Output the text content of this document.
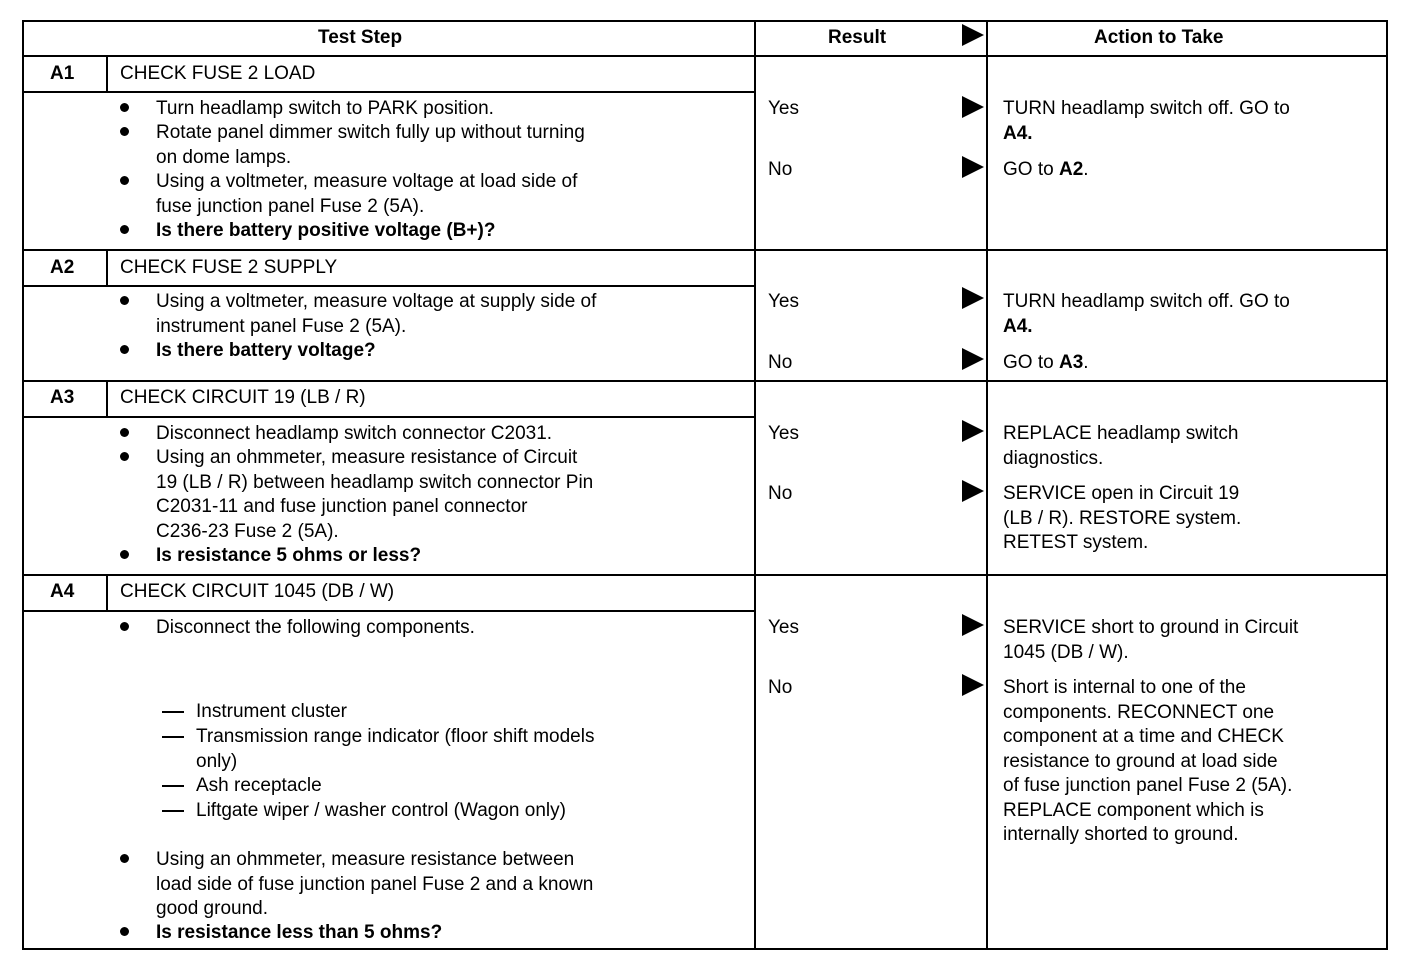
Test Step	Result	Action to Take
A1 CHECK FUSE 2 LOAD
Turn headlamp switch to PARK position.
Rotate panel dimmer switch fully up without turning
on dome lamps.
Using a voltmeter, measure voltage at load side of
fuse junction panel Fuse 2 (5A).
Is there battery positive voltage (B+)?
Yes	TURN headlamp switch off. GO to
A4.
No	GO to A2.
A2 CHECK FUSE 2 SUPPLY
Using a voltmeter, measure voltage at supply side of
instrument panel Fuse 2 (5A).
Is there battery voltage?
Yes	TURN headlamp switch off. GO to
A4.
No	GO to A3.
A3 CHECK CIRCUIT 19 (LB / R)
Disconnect headlamp switch connector C2031.
Using an ohmmeter, measure resistance of Circuit
19 (LB / R) between headlamp switch connector Pin
C2031-11 and fuse junction panel connector
C236-23 Fuse 2 (5A).
Is resistance 5 ohms or less?
Yes	REPLACE headlamp switch
diagnostics.
No	SERVICE open in Circuit 19
(LB / R). RESTORE system.
RETEST system.
A4 CHECK CIRCUIT 1045 (DB / W)
Disconnect the following components.
Instrument cluster
Transmission range indicator (floor shift models
only)
Ash receptacle
Liftgate wiper / washer control (Wagon only)
Using an ohmmeter, measure resistance between
load side of fuse junction panel Fuse 2 and a known
good ground.
Is resistance less than 5 ohms?
Yes	SERVICE short to ground in Circuit
1045 (DB / W).
No	Short is internal to one of the
components. RECONNECT one
component at a time and CHECK
resistance to ground at load side
of fuse junction panel Fuse 2 (5A).
REPLACE component which is
internally shorted to ground.
